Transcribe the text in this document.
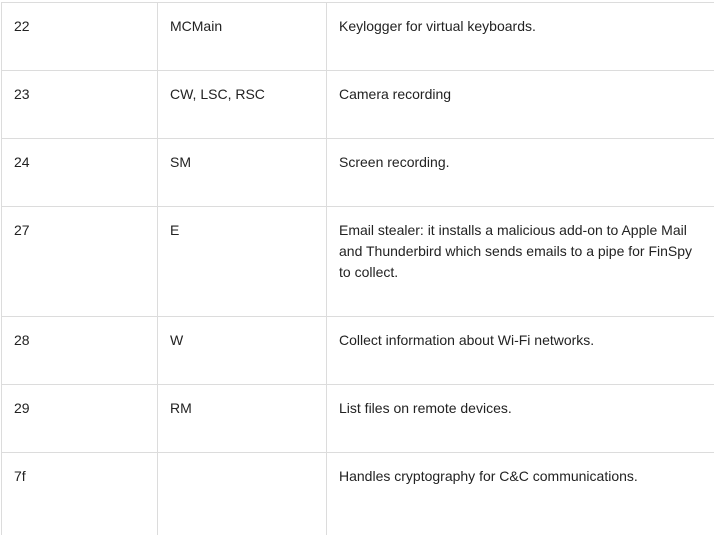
22	MCMain	Keylogger for virtual keyboards.
23	CW, LSC, RSC	Camera recording
24	SM	Screen recording.
27	E	Email stealer: it installs a malicious add-on to Apple Mail and Thunderbird which sends emails to a pipe for FinSpy to collect.
28	W	Collect information about Wi-Fi networks.
29	RM	List files on remote devices.
7f		Handles cryptography for C&C communications.
